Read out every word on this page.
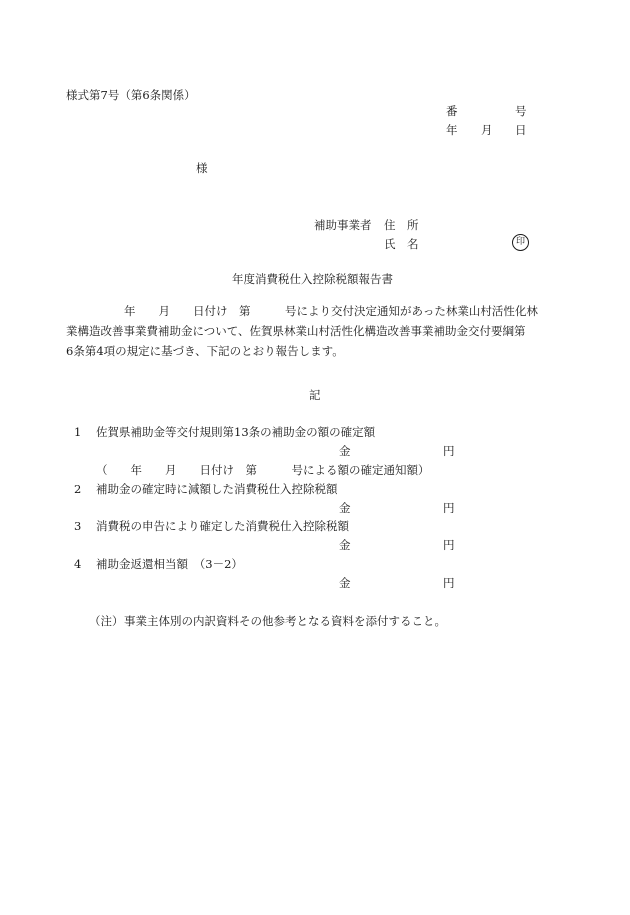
様式第7号（第6条関係）
番	号
年 月 日
様
補助事業者 住　所
氏　名	印
年度消費税仕入控除税額報告書
年　　月　　日付け　第　　　号により交付決定通知があった林業山村活性化林
業構造改善事業費補助金について、佐賀県林業山村活性化構造改善事業補助金交付要綱第
6条第4項の規定に基づき、下記のとおり報告します。
記
1 佐賀県補助金等交付規則第13条の補助金の額の確定額
金	円
（　　年　　月　　日付け　第　　　号による額の確定通知額）
2 補助金の確定時に減額した消費税仕入控除税額
金	円
3 消費税の申告により確定した消費税仕入控除税額
金	円
4 補助金返還相当額　（3－2）
金	円
（注） 事業主体別の内訳資料その他参考となる資料を添付すること。
